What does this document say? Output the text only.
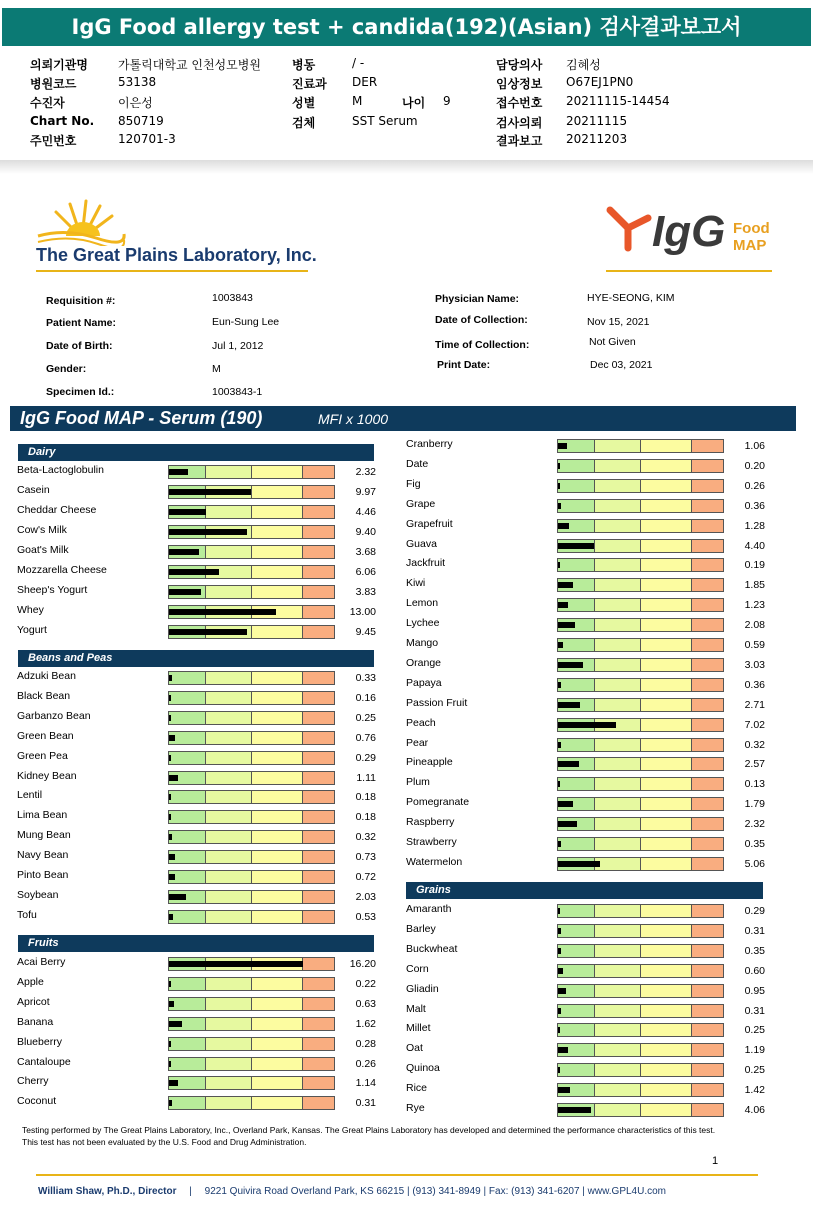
IgG Food allergy test + candida(192)(Asian) 검사결과보고서
의뢰기관명	가톨릭대학교 인천성모병원
병원코드	53138
수진자	이은성
Chart No. 850719
주민번호	120701-3
병동	/ -
진료과 DER
성별	M	나이 9
검체	SST Serum
담당의사 김혜성
임상정보 O67EJ1PN0
접수번호 20211115-14454
검사의뢰 20211115
결과보고 20211203
The Great Plains Laboratory, Inc.	IgG Food
MAP
Requisition #:	1003843
Patient Name:	Eun-Sung Lee
Date of Birth:	Jul 1, 2012
Gender:	M
Specimen Id.:	1003843-1
Physician Name:	HYE-SEONG, KIM
Date of Collection:	Nov 15, 2021
Time of Collection:	Not Given
Print Date:	Dec 03, 2021
IgG Food MAP - Serum (190)	MFI x 1000
Dairy
Beans and Peas
Fruits
Grains
Beta-Lactoglobulin	2.32
Casein	9.97
Cheddar Cheese	4.46
Cow's Milk	9.40
Goat's Milk	3.68
Mozzarella Cheese	6.06
Sheep's Yogurt	3.83
Whey	13.00
Yogurt	9.45
Adzuki Bean	0.33
Black Bean	0.16
Garbanzo Bean	0.25
Green Bean	0.76
Green Pea	0.29
Kidney Bean	1.11
Lentil	0.18
Lima Bean	0.18
Mung Bean	0.32
Navy Bean	0.73
Pinto Bean	0.72
Soybean	2.03
Tofu	0.53
Acai Berry	16.20
Apple	0.22
Apricot	0.63
Banana	1.62
Blueberry	0.28
Cantaloupe	0.26
Cherry	1.14
Coconut	0.31
Cranberry	1.06
Date	0.20
Fig	0.26
Grape	0.36
Grapefruit	1.28
Guava	4.40
Jackfruit	0.19
Kiwi	1.85
Lemon	1.23
Lychee	2.08
Mango	0.59
Orange	3.03
Papaya	0.36
Passion Fruit	2.71
Peach	7.02
Pear	0.32
Pineapple	2.57
Plum	0.13
Pomegranate	1.79
Raspberry	2.32
Strawberry	0.35
Watermelon	5.06
Amaranth	0.29
Barley	0.31
Buckwheat	0.35
Corn	0.60
Gliadin	0.95
Malt	0.31
Millet	0.25
Oat	1.19
Quinoa	0.25
Rice	1.42
Rye	4.06
Testing performed by The Great Plains Laboratory, Inc., Overland Park, Kansas. The Great Plains Laboratory has developed and determined the performance characteristics of this test. This test has not been evaluated by the U.S. Food and Drug Administration.
1
William Shaw, Ph.D., Director | 9221 Quivira Road Overland Park, KS 66215 | (913) 341-8949 | Fax: (913) 341-6207 | www.GPL4U.com
